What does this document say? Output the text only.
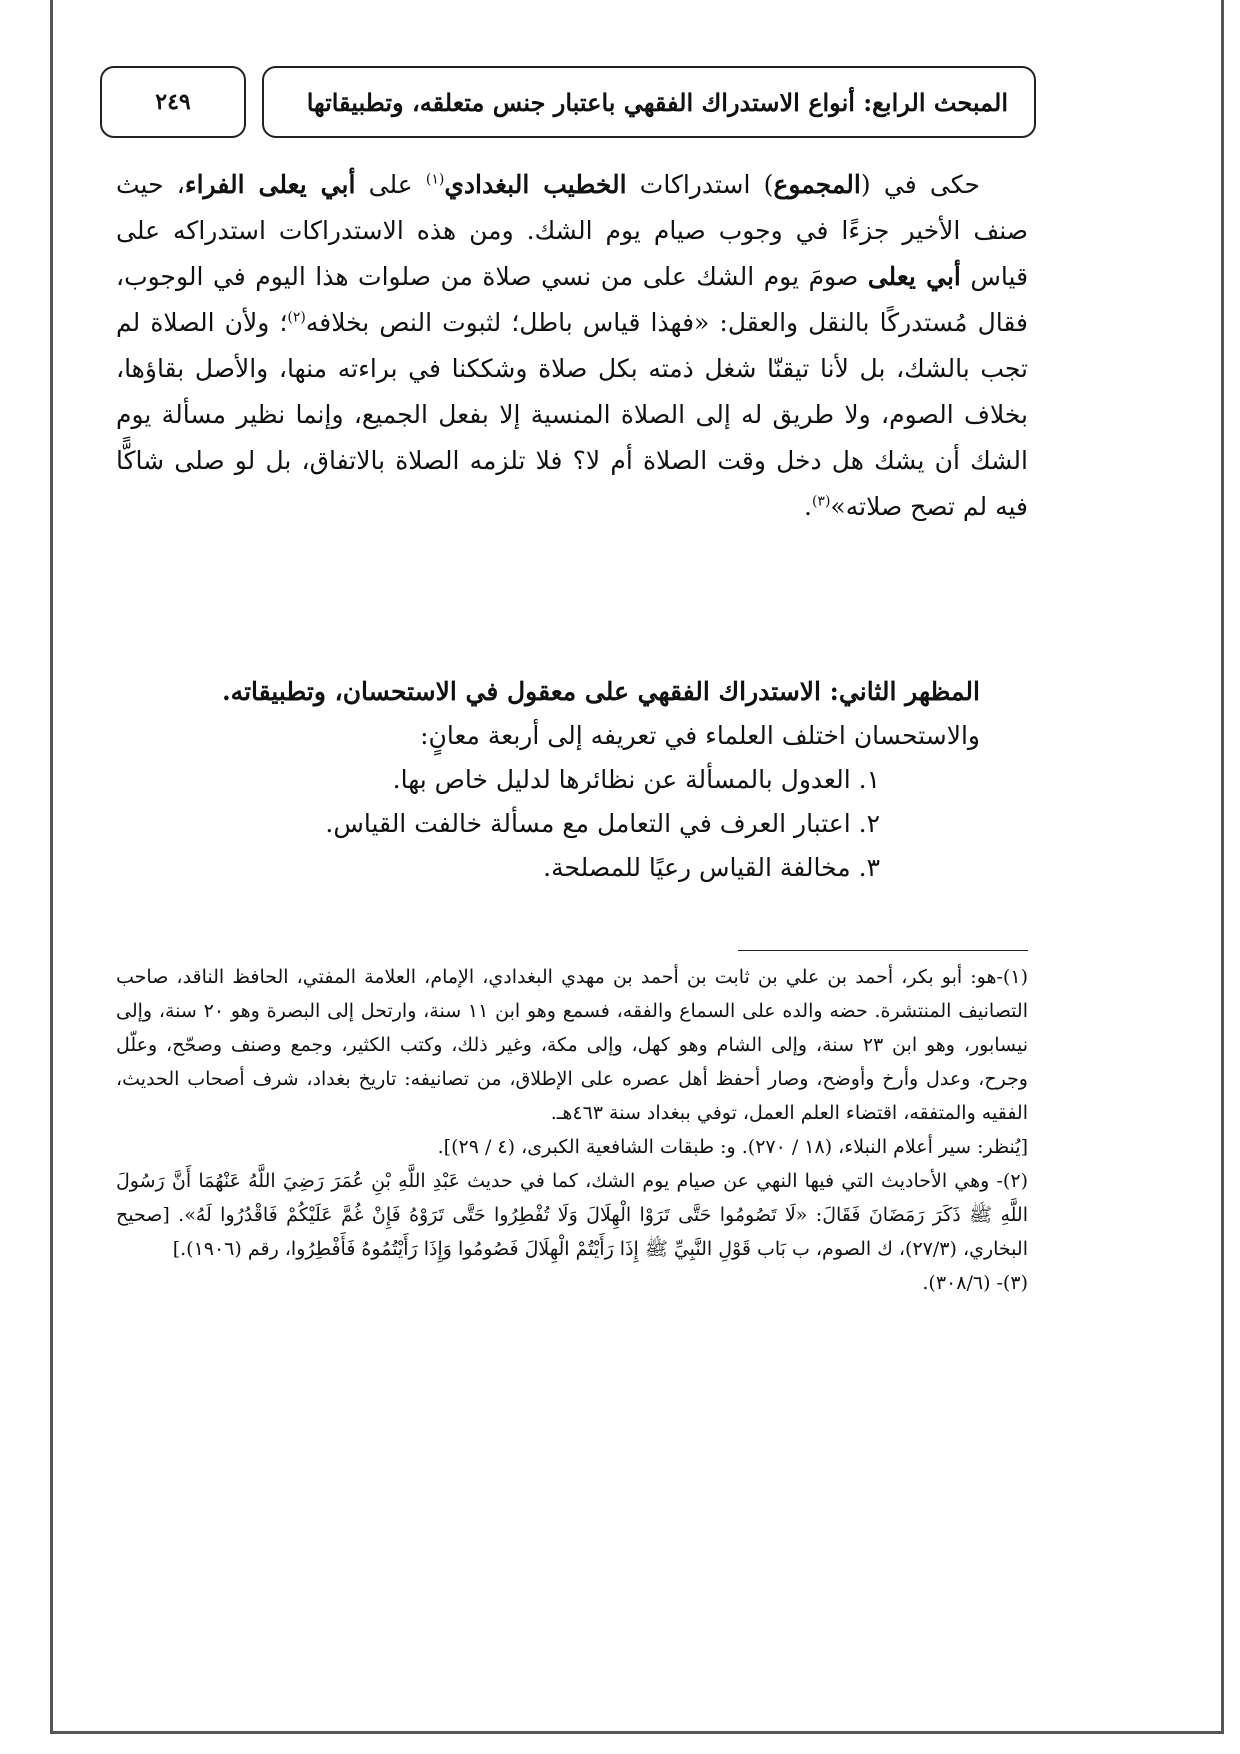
المبحث الرابع: أنواع الاستدراك الفقهي باعتبار جنس متعلقه، وتطبيقاتها
٢٤٩

حكى في (المجموع) استدراكات الخطيب البغدادي$^{(١)}$ على أبي يعلى الفراء، حيث صنف الأخير جزءًا في وجوب صيام يوم الشك. ومن هذه الاستدراكات استدراكه على قياس أبي يعلى صومَ يوم الشك على من نسي صلاة من صلوات هذا اليوم في الوجوب، فقال مُستدركًا بالنقل والعقل: «فهذا قياس باطل؛ لثبوت النص بخلافه$^{(٢)}$؛ ولأن الصلاة لم تجب بالشك، بل لأنا تيقنّا شغل ذمته بكل صلاة وشككنا في براءته منها، والأصل بقاؤها، بخلاف الصوم، ولا طريق له إلى الصلاة المنسية إلا بفعل الجميع، وإنما نظير مسألة يوم الشك أن يشك هل دخل وقت الصلاة أم لا؟ فلا تلزمه الصلاة بالاتفاق، بل لو صلى شاكًّا فيه لم تصح صلاته»$^{(٣)}$.

المظهر الثاني: الاستدراك الفقهي على معقول في الاستحسان، وتطبيقاته.

والاستحسان اختلف العلماء في تعريفه إلى أربعة معانٍ:

١. العدول بالمسألة عن نظائرها لدليل خاص بها.
٢. اعتبار العرف في التعامل مع مسألة خالفت القياس.
٣. مخالفة القياس رعيًا للمصلحة.

(١)-هو: أبو بكر، أحمد بن علي بن ثابت بن أحمد بن مهدي البغدادي، الإمام، العلامة المفتي، الحافظ الناقد، صاحب التصانيف المنتشرة. حضه والده على السماع والفقه، فسمع وهو ابن ١١ سنة، وارتحل إلى البصرة وهو ٢٠ سنة، وإلى نيسابور، وهو ابن ٢٣ سنة، وإلى الشام وهو كهل، وإلى مكة، وغير ذلك، وكتب الكثير، وجمع وصنف وصحّح، وعلّل وجرح، وعدل وأرخ وأوضح، وصار أحفظ أهل عصره على الإطلاق، من تصانيفه: تاريخ بغداد، شرف أصحاب الحديث، الفقيه والمتفقه، اقتضاء العلم العمل، توفي ببغداد سنة ٤٦٣هـ.

[يُنظر: سير أعلام النبلاء، (١٨ / ٢٧٠). و: طبقات الشافعية الكبرى، (٤ / ٢٩)].

(٢)- وهي الأحاديث التي فيها النهي عن صيام يوم الشك، كما في حديث عَبْدِ اللَّهِ بْنِ عُمَرَ رَضِيَ اللَّهُ عَنْهُمَا أَنَّ رَسُولَ اللَّهِ ﷺ ذَكَرَ رَمَضَانَ فَقَالَ: «لَا تَصُومُوا حَتَّى تَرَوْا الْهِلَالَ وَلَا تُفْطِرُوا حَتَّى تَرَوْهُ فَإِنْ غُمَّ عَلَيْكُمْ فَاقْدُرُوا لَهُ». [صحيح البخاري، (٢٧/٣)، ك الصوم، ب بَاب قَوْلِ النَّبِيِّ ﷺ إِذَا رَأَيْتُمْ الْهِلَالَ فَصُومُوا وَإِذَا رَأَيْتُمُوهُ فَأَفْطِرُوا، رقم (١٩٠٦).]

(٣)- (٣٠٨/٦).
